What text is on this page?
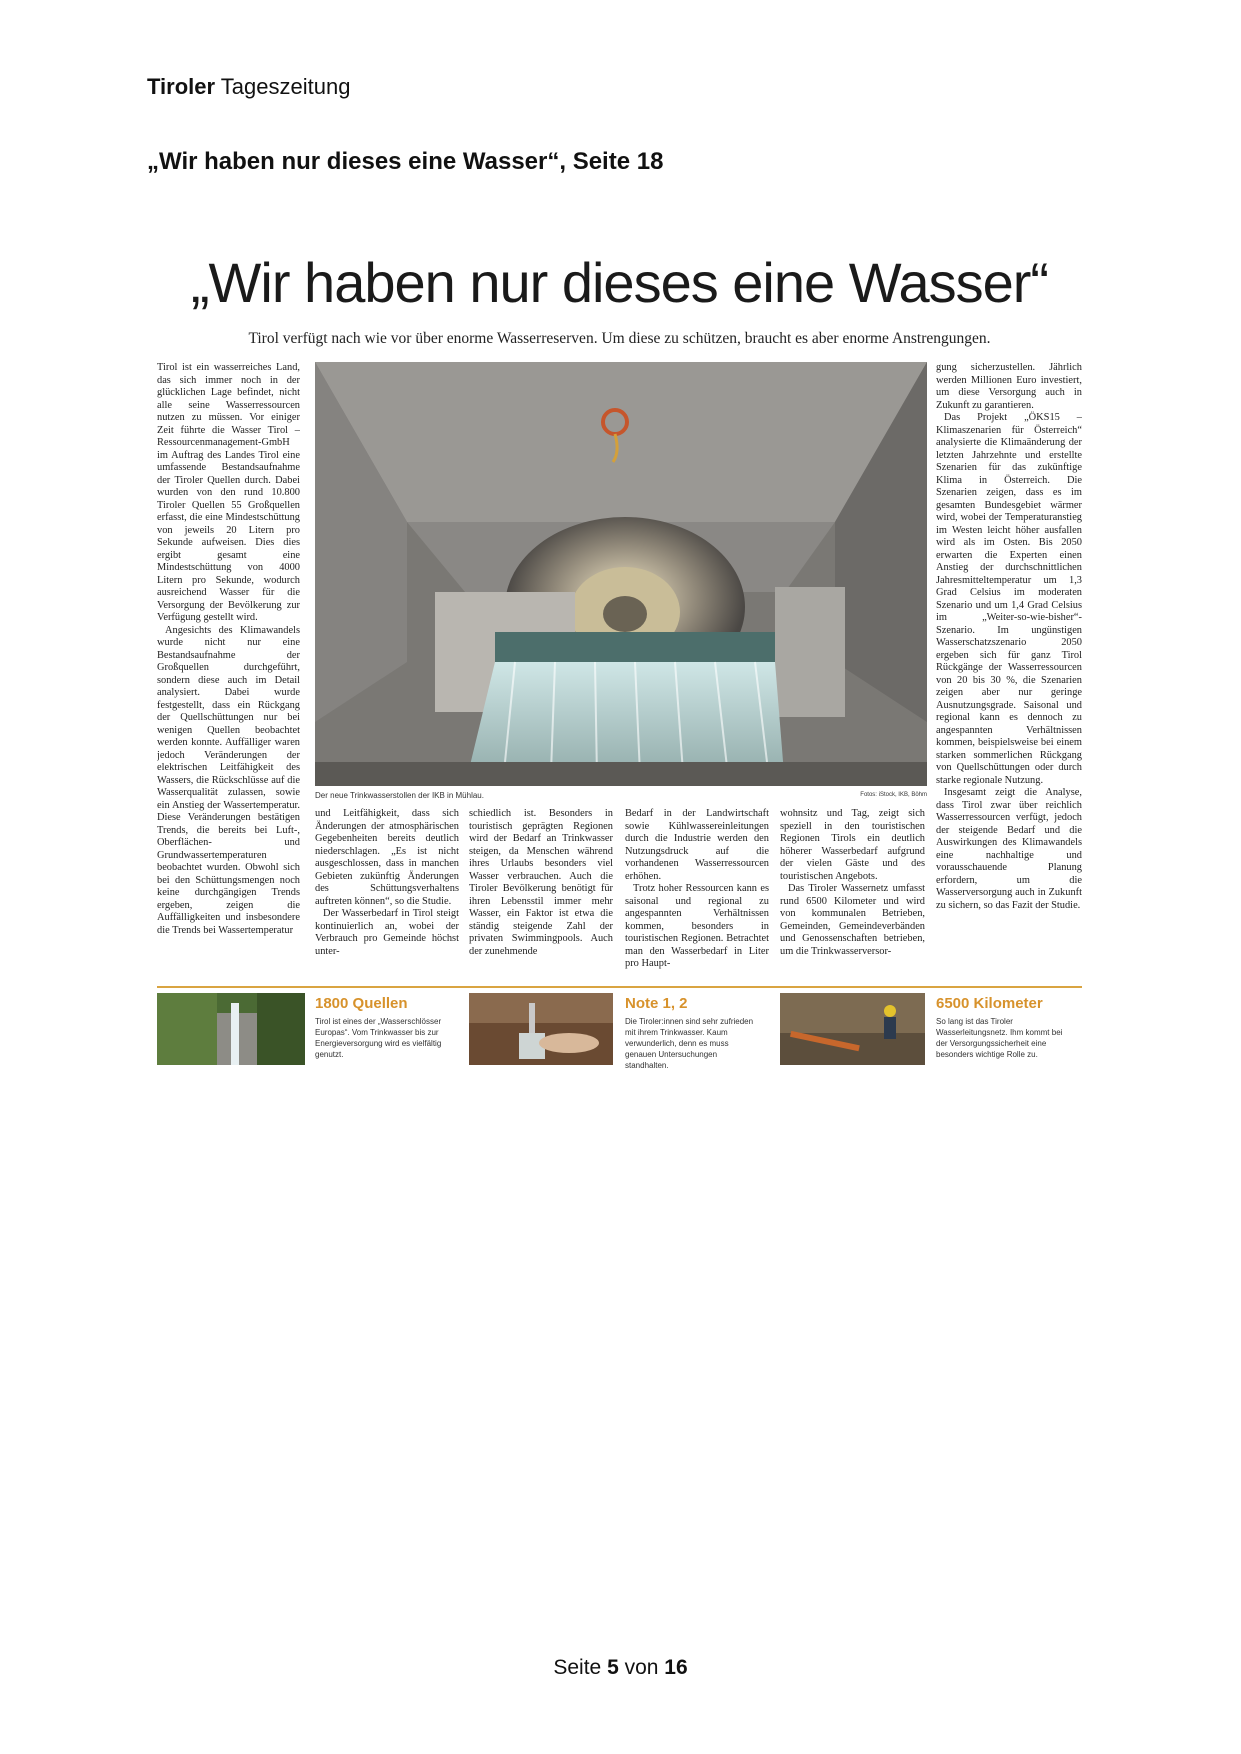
Tiroler Tageszeitung
„Wir haben nur dieses eine Wasser“, Seite 18
„Wir haben nur dieses eine Wasser“
Tirol verfügt nach wie vor über enorme Wasserreserven. Um diese zu schützen, braucht es aber enorme Anstrengungen.

Tirol ist ein wasserreiches Land, das sich immer noch in der glücklichen Lage befindet, nicht alle seine Wasserressourcen nutzen zu müssen. Vor einiger Zeit führte die Wasser Tirol – Ressourcenmanagement-GmbH im Auftrag des Landes Tirol eine umfassende Bestandsaufnahme der Tiroler Quellen durch. Dabei wurden von den rund 10.800 Tiroler Quellen 55 Großquellen erfasst, die eine Mindestschüttung von jeweils 20 Litern pro Sekunde aufweisen. Dies dies ergibt gesamt eine Mindestschüttung von 4000 Litern pro Sekunde, wodurch ausreichend Wasser für die Versorgung der Bevölkerung zur Verfügung gestellt wird.

Angesichts des Klimawandels wurde nicht nur eine Bestandsaufnahme der Großquellen durchgeführt, sondern diese auch im Detail analysiert. Dabei wurde festgestellt, dass ein Rückgang der Quellschüttungen nur bei wenigen Quellen beobachtet werden konnte. Auffälliger waren jedoch Veränderungen der elektrischen Leitfähigkeit des Wassers, die Rückschlüsse auf die Wasserqualität zulassen, sowie ein Anstieg der Wassertemperatur. Diese Veränderungen bestätigen Trends, die bereits bei Luft-, Oberflächen- und Grundwassertemperaturen beobachtet wurden. Obwohl sich bei den Schüttungsmengen noch keine durchgängigen Trends ergeben, zeigen die Auffälligkeiten und insbesondere die Trends bei Wassertemperatur

Der neue Trinkwasserstollen der IKB in Mühlau.	Fotos: iStock, IKB, Böhm

und Leitfähigkeit, dass sich Änderungen der atmosphärischen Gegebenheiten bereits deutlich niederschlagen. „Es ist nicht ausgeschlossen, dass in manchen Gebieten zukünftig Änderungen des Schüttungsverhaltens auftreten können“, so die Studie.

Der Wasserbedarf in Tirol steigt kontinuierlich an, wobei der Verbrauch pro Gemeinde höchst unter-

schiedlich ist. Besonders in touristisch geprägten Regionen wird der Bedarf an Trinkwasser steigen, da Menschen während ihres Urlaubs besonders viel Wasser verbrauchen. Auch die Tiroler Bevölkerung benötigt für ihren Lebensstil immer mehr Wasser, ein Faktor ist etwa die ständig steigende Zahl der privaten Swimmingpools. Auch der zunehmende

Bedarf in der Landwirtschaft sowie Kühlwassereinleitungen durch die Industrie werden den Nutzungsdruck auf die vorhandenen Wasserressourcen erhöhen.

Trotz hoher Ressourcen kann es saisonal und regional zu angespannten Verhältnissen kommen, besonders in touristischen Regionen. Betrachtet man den Wasserbedarf in Liter pro Haupt-

wohnsitz und Tag, zeigt sich speziell in den touristischen Regionen Tirols ein deutlich höherer Wasserbedarf aufgrund der vielen Gäste und des touristischen Angebots.

Das Tiroler Wassernetz umfasst rund 6500 Kilometer und wird von kommunalen Betrieben, Gemeinden, Gemeindeverbänden und Genossenschaften betrieben, um die Trinkwasserversor-

gung sicherzustellen. Jährlich werden Millionen Euro investiert, um diese Versorgung auch in Zukunft zu garantieren.

Das Projekt „ÖKS15 – Klimaszenarien für Österreich“ analysierte die Klimaänderung der letzten Jahrzehnte und erstellte Szenarien für das zukünftige Klima in Österreich. Die Szenarien zeigen, dass es im gesamten Bundesgebiet wärmer wird, wobei der Temperaturanstieg im Westen leicht höher ausfallen wird als im Osten. Bis 2050 erwarten die Experten einen Anstieg der durchschnittlichen Jahresmitteltemperatur um 1,3 Grad Celsius im moderaten Szenario und um 1,4 Grad Celsius im „Weiter-so-wie-bisher“-Szenario. Im ungünstigen Wasserschatzszenario 2050 ergeben sich für ganz Tirol Rückgänge der Wasserressourcen von 20 bis 30 %, die Szenarien zeigen aber nur geringe Ausnutzungsgrade. Saisonal und regional kann es dennoch zu angespannten Verhältnissen kommen, beispielsweise bei einem starken sommerlichen Rückgang von Quellschüttungen oder durch starke regionale Nutzung.

Insgesamt zeigt die Analyse, dass Tirol zwar über reichlich Wasserressourcen verfügt, jedoch der steigende Bedarf und die Auswirkungen des Klimawandels eine nachhaltige und vorausschauende Planung erfordern, um die Wasserversorgung auch in Zukunft zu sichern, so das Fazit der Studie.

1800 Quellen
Tirol ist eines der „Wasserschlösser Europas“. Vom Trinkwasser bis zur Energieversorgung wird es vielfältig genutzt.
Note 1, 2
Die Tiroler:innen sind sehr zufrieden mit ihrem Trinkwasser. Kaum verwunderlich, denn es muss genauen Untersuchungen standhalten.
6500 Kilometer
So lang ist das Tiroler Wasserleitungsnetz. Ihm kommt bei der Versorgungssicherheit eine besonders wichtige Rolle zu.
Seite 5 von 16
